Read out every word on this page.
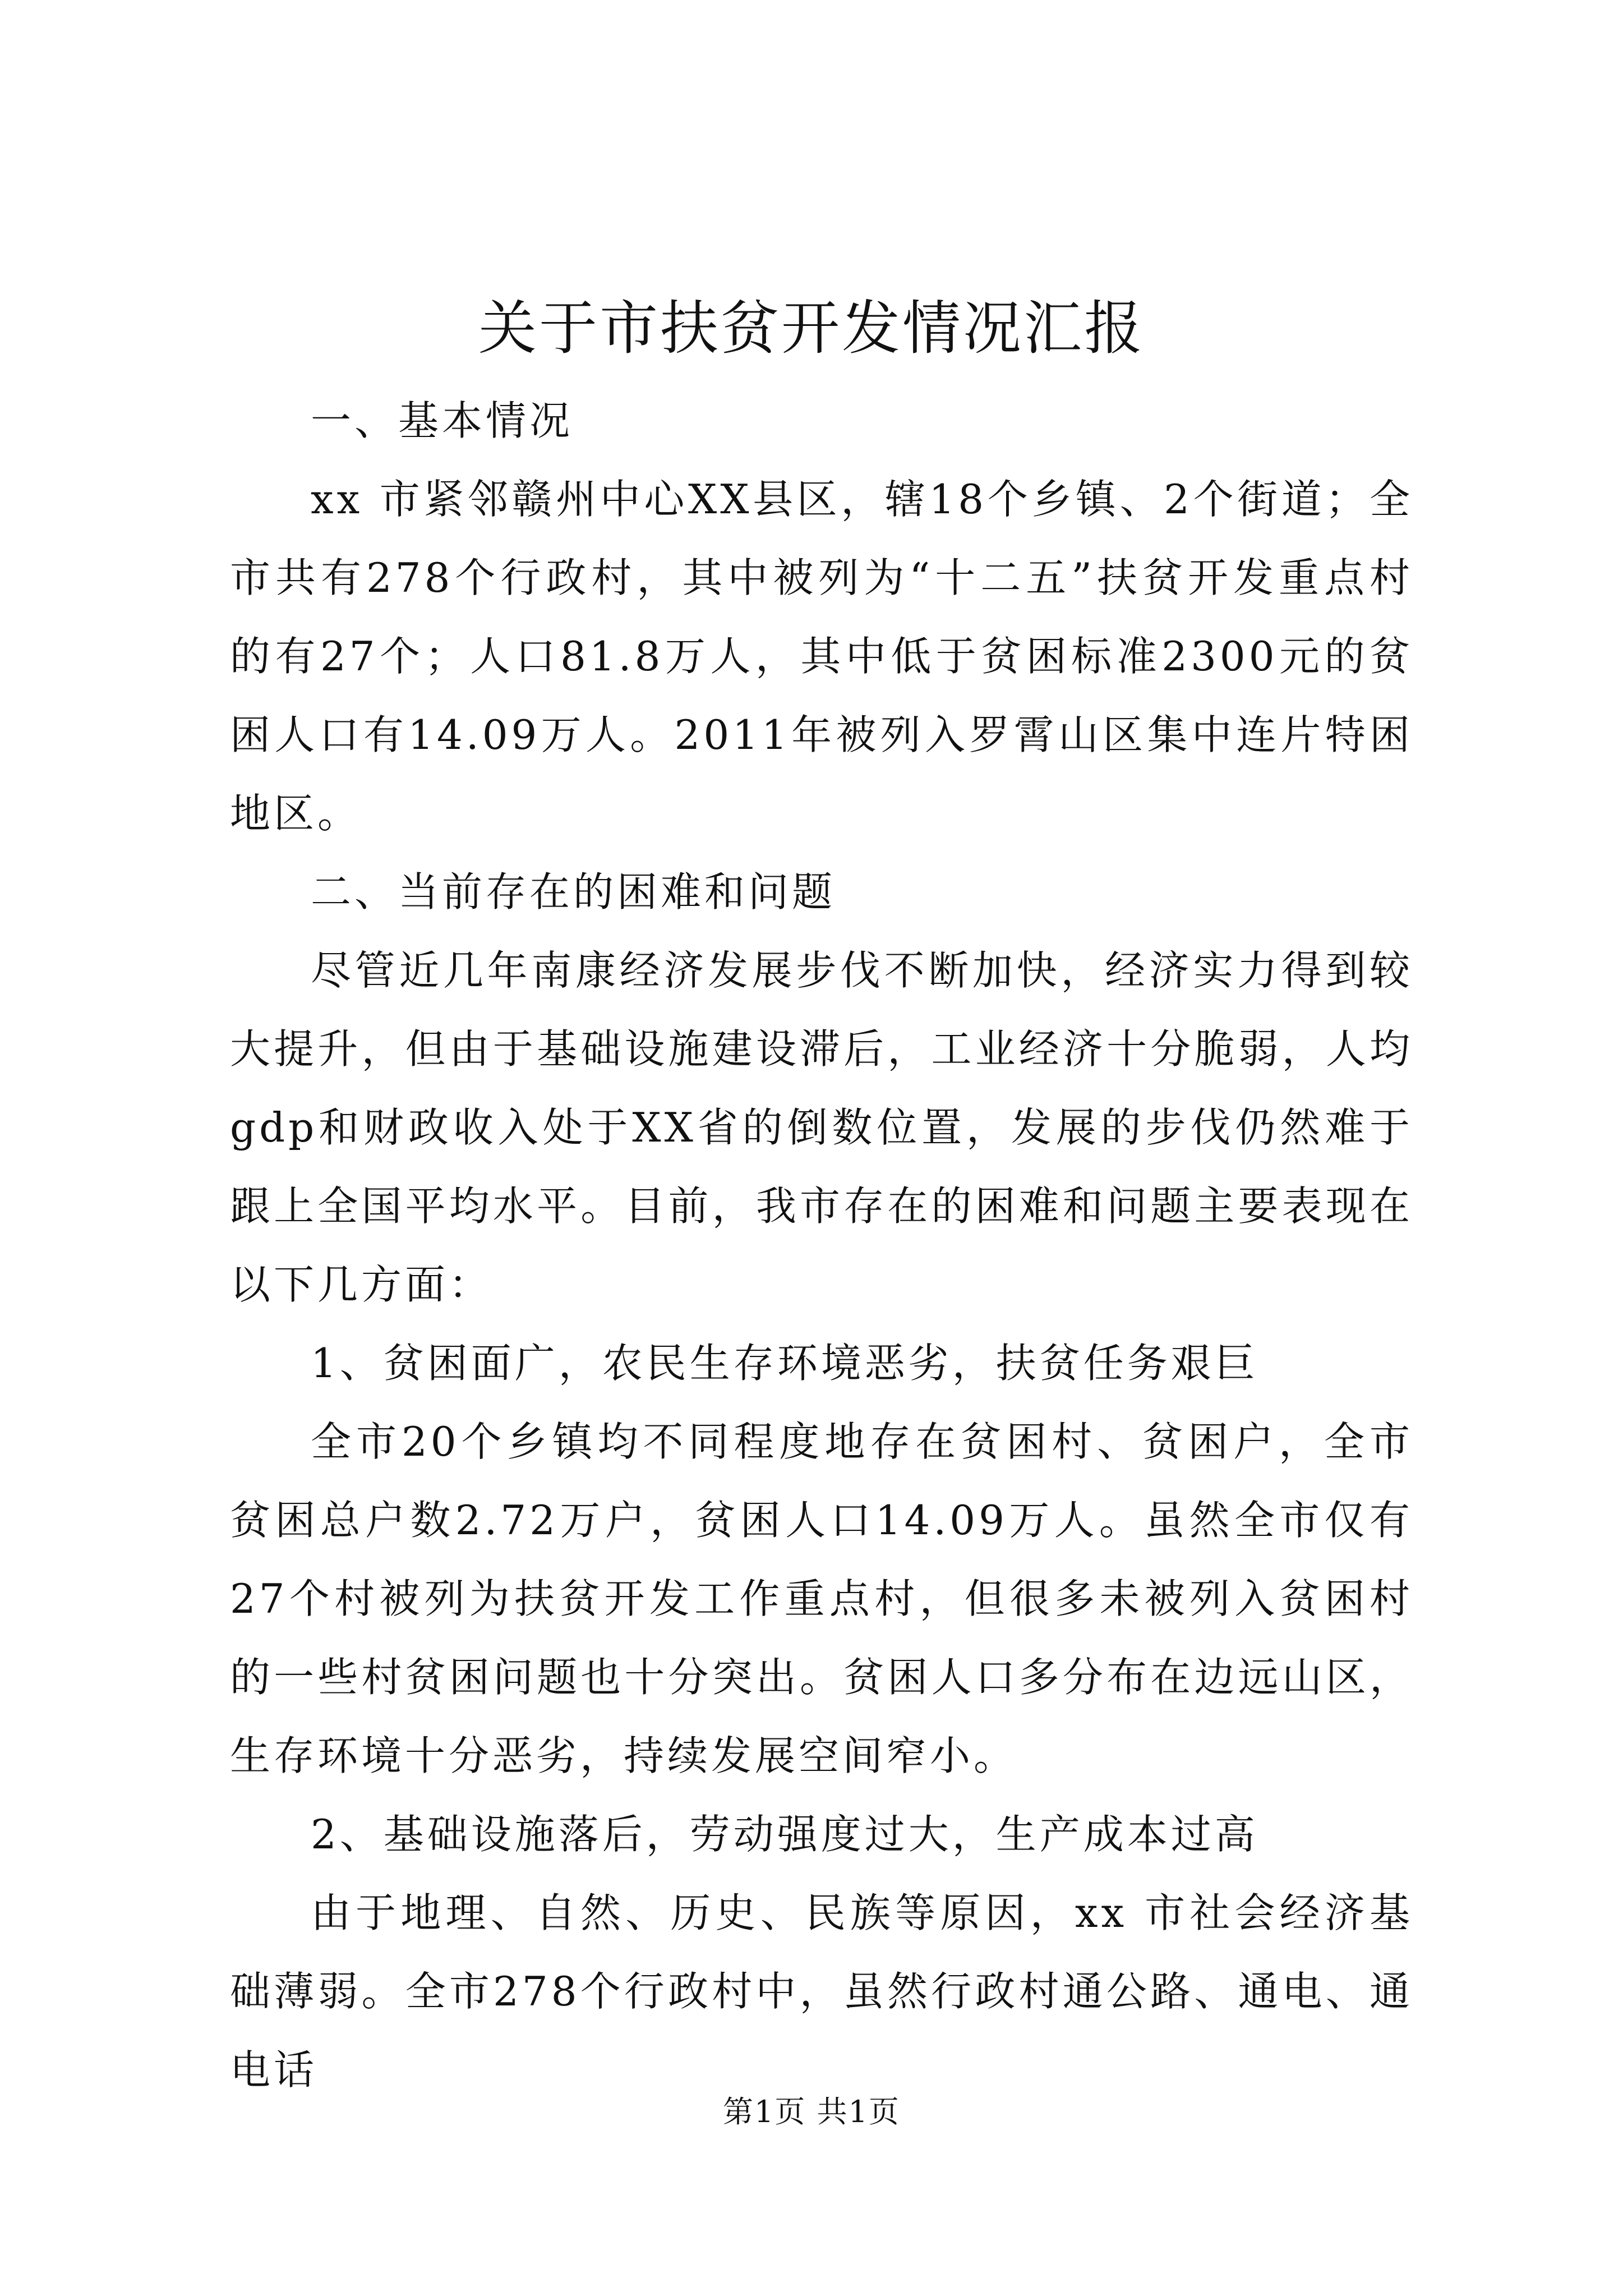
关于市扶贫开发情况汇报

一、基本情况

xx 市紧邻赣州中心XX县区，辖18个乡镇、2个街道；全市共有278个行政村，其中被列为“十二五”扶贫开发重点村的有27个；人口81.8万人，其中低于贫困标准2300元的贫困人口有14.09万人。2011年被列入罗霄山区集中连片特困地区。

二、当前存在的困难和问题

尽管近几年南康经济发展步伐不断加快，经济实力得到较大提升，但由于基础设施建设滞后，工业经济十分脆弱，人均gdp和财政收入处于XX省的倒数位置，发展的步伐仍然难于跟上全国平均水平。目前，我市存在的困难和问题主要表现在以下几方面：

1、贫困面广，农民生存环境恶劣，扶贫任务艰巨

全市20个乡镇均不同程度地存在贫困村、贫困户，全市贫困总户数2.72万户，贫困人口14.09万人。虽然全市仅有27个村被列为扶贫开发工作重点村，但很多未被列入贫困村的一些村贫困问题也十分突出。贫困人口多分布在边远山区，生存环境十分恶劣，持续发展空间窄小。

2、基础设施落后，劳动强度过大，生产成本过高

由于地理、自然、历史、民族等原因，xx 市社会经济基础薄弱。全市278个行政村中，虽然行政村通公路、通电、通电话

第1页 共1页
